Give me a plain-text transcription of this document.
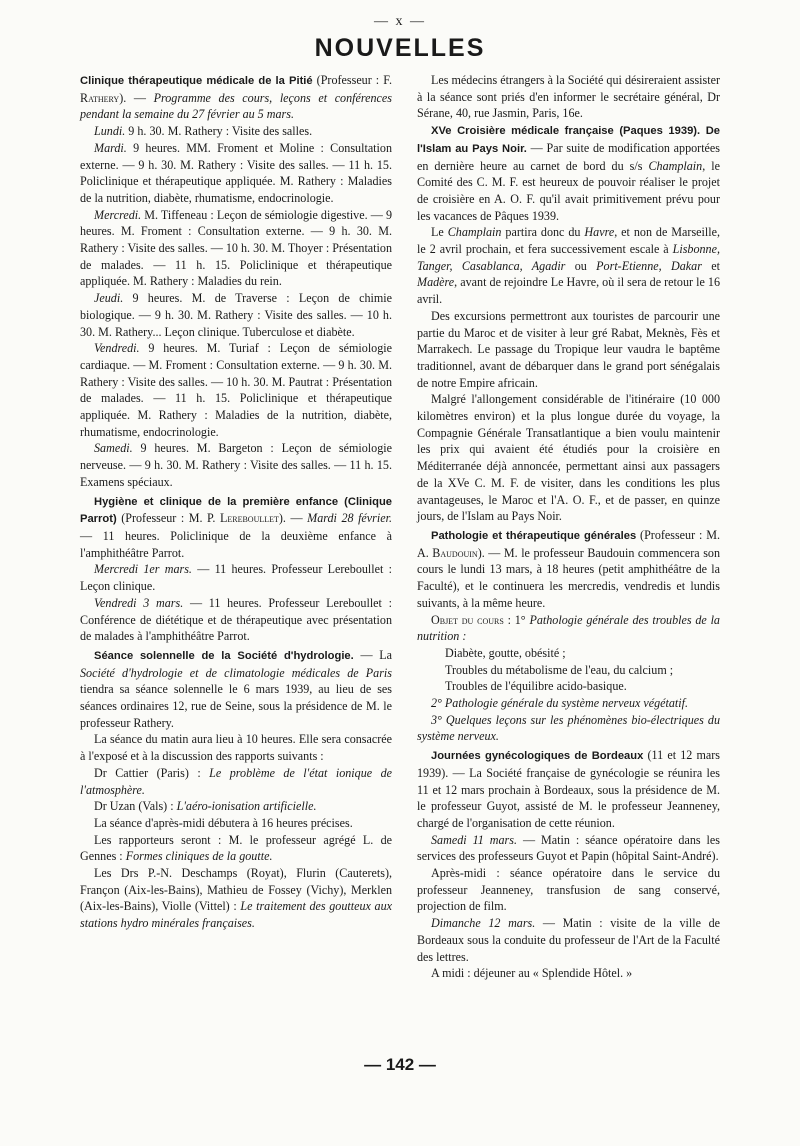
— x —
NOUVELLES

Clinique thérapeutique médicale de la Pitié (Professeur : F. Rathery). — Programme des cours, leçons et conférences pendant la semaine du 27 février au 5 mars.

Lundi. 9 h. 30. M. Rathery : Visite des salles.

Mardi. 9 heures. MM. Froment et Moline : Consultation externe. — 9 h. 30. M. Rathery : Visite des salles. — 11 h. 15. Policlinique et thérapeutique appliquée. M. Rathery : Maladies de la nutrition, diabète, rhumatisme, endocrinologie.

Mercredi. M. Tiffeneau : Leçon de sémiologie digestive. — 9 heures. M. Froment : Consultation externe. — 9 h. 30. M. Rathery : Visite des salles. — 10 h. 30. M. Thoyer : Présentation de malades. — 11 h. 15. Policlinique et thérapeutique appliquée. M. Rathery : Maladies du rein.

Jeudi. 9 heures. M. de Traverse : Leçon de chimie biologique. — 9 h. 30. M. Rathery : Visite des salles. — 10 h. 30. M. Rathery... Leçon clinique. Tuberculose et diabète.

Vendredi. 9 heures. M. Turiaf : Leçon de sémiologie cardiaque. — M. Froment : Consultation externe. — 9 h. 30. M. Rathery : Visite des salles. — 10 h. 30. M. Pautrat : Présentation de malades. — 11 h. 15. Policlinique et thérapeutique appliquée. M. Rathery : Maladies de la nutrition, diabète, rhumatisme, endocrinologie.

Samedi. 9 heures. M. Bargeton : Leçon de sémiologie nerveuse. — 9 h. 30. M. Rathery : Visite des salles. — 11 h. 15. Examens spéciaux.

Hygiène et clinique de la première enfance (Clinique Parrot) (Professeur : M. P. Lereboullet). — Mardi 28 février. — 11 heures. Policlinique de la deuxième enfance à l'amphithéâtre Parrot.

Mercredi 1er mars. — 11 heures. Professeur Lereboullet : Leçon clinique.

Vendredi 3 mars. — 11 heures. Professeur Lereboullet : Conférence de diététique et de thérapeutique avec présentation de malades à l'amphithéâtre Parrot.

Séance solennelle de la Société d'hydrologie. — La Société d'hydrologie et de climatologie médicales de Paris tiendra sa séance solennelle le 6 mars 1939, au lieu de ses séances ordinaires 12, rue de Seine, sous la présidence de M. le professeur Rathery.

La séance du matin aura lieu à 10 heures. Elle sera consacrée à l'exposé et à la discussion des rapports suivants :

Dr Cattier (Paris) : Le problème de l'état ionique de l'atmosphère.

Dr Uzan (Vals) : L'aéro-ionisation artificielle.

La séance d'après-midi débutera à 16 heures précises.

Les rapporteurs seront : M. le professeur agrégé L. de Gennes : Formes cliniques de la goutte.

Les Drs P.-N. Deschamps (Royat), Flurin (Cauterets), Françon (Aix-les-Bains), Mathieu de Fossey (Vichy), Merklen (Aix-les-Bains), Violle (Vittel) : Le traitement des goutteux aux stations hydro minérales françaises.

Les médecins étrangers à la Société qui désireraient assister à la séance sont priés d'en informer le secrétaire général, Dr Sérane, 40, rue Jasmin, Paris, 16e.

XVe Croisière médicale française (Paques 1939). De l'Islam au Pays Noir. — Par suite de modification apportées en dernière heure au carnet de bord du s/s Champlain, le Comité des C. M. F. est heureux de pouvoir réaliser le projet de croisière en A. O. F. qu'il avait primitivement prévu pour les vacances de Pâques 1939.

Le Champlain partira donc du Havre, et non de Marseille, le 2 avril prochain, et fera successivement escale à Lisbonne, Tanger, Casablanca, Agadir ou Port-Etienne, Dakar et Madère, avant de rejoindre Le Havre, où il sera de retour le 16 avril.

Des excursions permettront aux touristes de parcourir une partie du Maroc et de visiter à leur gré Rabat, Meknès, Fès et Marrakech. Le passage du Tropique leur vaudra le baptême traditionnel, avant de débarquer dans le grand port sénégalais de notre Empire africain.

Malgré l'allongement considérable de l'itinéraire (10 000 kilomètres environ) et la plus longue durée du voyage, la Compagnie Générale Transatlantique a bien voulu maintenir les prix qui avaient été étudiés pour la croisière en Méditerranée déjà annoncée, permettant ainsi aux passagers de la XVe C. M. F. de visiter, dans les conditions les plus avantageuses, le Maroc et l'A. O. F., et de passer, en quinze jours, de l'Islam au Pays Noir.

Pathologie et thérapeutique générales (Professeur : M. A. Baudouin). — M. le professeur Baudouin commencera son cours le lundi 13 mars, à 18 heures (petit amphithéâtre de la Faculté), et le continuera les mercredis, vendredis et lundis suivants, à la même heure.

Objet du cours : 1° Pathologie générale des troubles de la nutrition :

Diabète, goutte, obésité ;

Troubles du métabolisme de l'eau, du calcium ;

Troubles de l'équilibre acido-basique.

2° Pathologie générale du système nerveux végétatif.

3° Quelques leçons sur les phénomènes bio-électriques du système nerveux.

Journées gynécologiques de Bordeaux (11 et 12 mars 1939). — La Société française de gynécologie se réunira les 11 et 12 mars prochain à Bordeaux, sous la présidence de M. le professeur Guyot, assisté de M. le professeur Jeanneney, chargé de l'organisation de cette réunion.

Samedi 11 mars. — Matin : séance opératoire dans les services des professeurs Guyot et Papin (hôpital Saint-André).

Après-midi : séance opératoire dans le service du professeur Jeanneney, transfusion de sang conservé, projection de film.

Dimanche 12 mars. — Matin : visite de la ville de Bordeaux sous la conduite du professeur de l'Art de la Faculté des lettres.

A midi : déjeuner au « Splendide Hôtel. »

— 142 —
